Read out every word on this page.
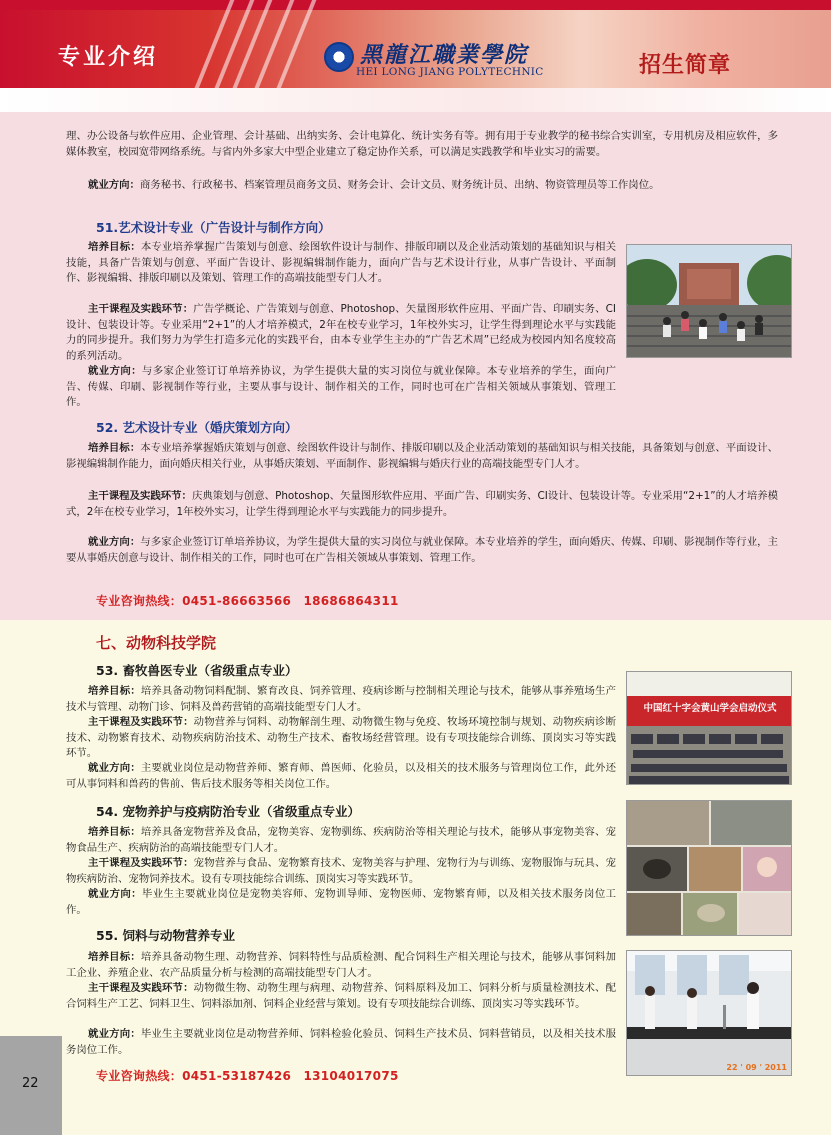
专业介绍	黑龍江職業學院
HEI LONG JIANG POLYTECHNIC	招生简章
理、办公设备与软件应用、企业管理、会计基础、出纳实务、会计电算化、统计实务有等。拥有用于专业教学的秘书综合实训室，专用机房及相应软件，多媒体教室，校园宽带网络系统。与省内外多家大中型企业建立了稳定协作关系，可以满足实践教学和毕业实习的需要。
就业方向：商务秘书、行政秘书、档案管理员商务文员、财务会计、会计文员、财务统计员、出纳、物资管理员等工作岗位。
51.艺术设计专业（广告设计与制作方向）
培养目标：本专业培养掌握广告策划与创意、绘图软件设计与制作、排版印刷以及企业活动策划的基础知识与相关技能，具备广告策划与创意、平面广告设计、影视编辑制作能力，面向广告与艺术设计行业，从事广告设计、平面制作、影视编辑、排版印刷以及策划、管理工作的高端技能型专门人才。
主干课程及实践环节：广告学概论、广告策划与创意、Photoshop、矢量图形软件应用、平面广告、印刷实务、CI设计、包装设计等。专业采用“2+1”的人才培养模式，2年在校专业学习，1年校外实习，让学生得到理论水平与实践能力的同步提升。我们努力为学生打造多元化的实践平台，由本专业学生主办的“广告艺术周”已经成为校园内知名度较高的系列活动。
就业方向：与多家企业签订订单培养协议，为学生提供大量的实习岗位与就业保障。本专业培养的学生，面向广告、传媒、印刷、影视制作等行业，主要从事与设计、制作相关的工作，同时也可在广告相关领域从事策划、管理工作。
52. 艺术设计专业（婚庆策划方向）
培养目标：本专业培养掌握婚庆策划与创意、绘图软件设计与制作、排版印刷以及企业活动策划的基础知识与相关技能，具备策划与创意、平面设计、影视编辑制作能力，面向婚庆相关行业，从事婚庆策划、平面制作、影视编辑与婚庆行业的高端技能型专门人才。
主干课程及实践环节：庆典策划与创意、Photoshop、矢量图形软件应用、平面广告、印刷实务、CI设计、包装设计等。专业采用“2+1”的人才培养模式，2年在校专业学习，1年校外实习，让学生得到理论水平与实践能力的同步提升。
就业方向：与多家企业签订订单培养协议，为学生提供大量的实习岗位与就业保障。本专业培养的学生，面向婚庆、传媒、印刷、影视制作等行业，主要从事婚庆创意与设计、制作相关的工作，同时也可在广告相关领域从事策划、管理工作。
专业咨询热线：0451-86663566　18686864311
七、动物科技学院
53. 畜牧兽医专业（省级重点专业）
培养目标：培养具备动物饲料配制、繁育改良、饲养管理、疫病诊断与控制相关理论与技术，能够从事养殖场生产技术与管理、动物门诊、饲料及兽药营销的高端技能型专门人才。
主干课程及实践环节：动物营养与饲料、动物解剖生理、动物微生物与免疫、牧场环境控制与规划、动物疾病诊断技术、动物繁育技术、动物疾病防治技术、动物生产技术、畜牧场经营管理。设有专项技能综合训练、顶岗实习等实践环节。
就业方向：主要就业岗位是动物营养师、繁育师、兽医师、化验员，以及相关的技术服务与管理岗位工作，此外还可从事饲料和兽药的售前、售后技术服务等相关岗位工作。
中国红十字会黄山学会启动仪式
54. 宠物养护与疫病防治专业（省级重点专业）
培养目标：培养具备宠物营养及食品，宠物美容、宠物驯练、疾病防治等相关理论与技术，能够从事宠物美容、宠物食品生产、疾病防治的高端技能型专门人才。
主干课程及实践环节：宠物营养与食品、宠物繁育技术、宠物美容与护理、宠物行为与训练、宠物服饰与玩具、宠物疾病防治、宠物饲养技术。设有专项技能综合训练、顶岗实习等实践环节。
就业方向：毕业生主要就业岗位是宠物美容师、宠物训导师、宠物医师、宠物繁育师，以及相关技术服务岗位工作。
55. 饲料与动物营养专业
培养目标：培养具备动物生理、动物营养、饲料特性与品质检测、配合饲料生产相关理论与技术，能够从事饲料加工企业、养殖企业、农产品质量分析与检测的高端技能型专门人才。
主干课程及实践环节：动物微生物、动物生理与病理、动物营养、饲料原料及加工、饲料分析与质量检测技术、配合饲料生产工艺、饲料卫生、饲料添加剂、饲料企业经营与策划。设有专项技能综合训练、顶岗实习等实践环节。
就业方向：毕业生主要就业岗位是动物营养师、饲料检验化验员、饲料生产技术员、饲料营销员，以及相关技术服务岗位工作。
22 ' 09 ' 2011
专业咨询热线：0451-53187426　13104017075
22
